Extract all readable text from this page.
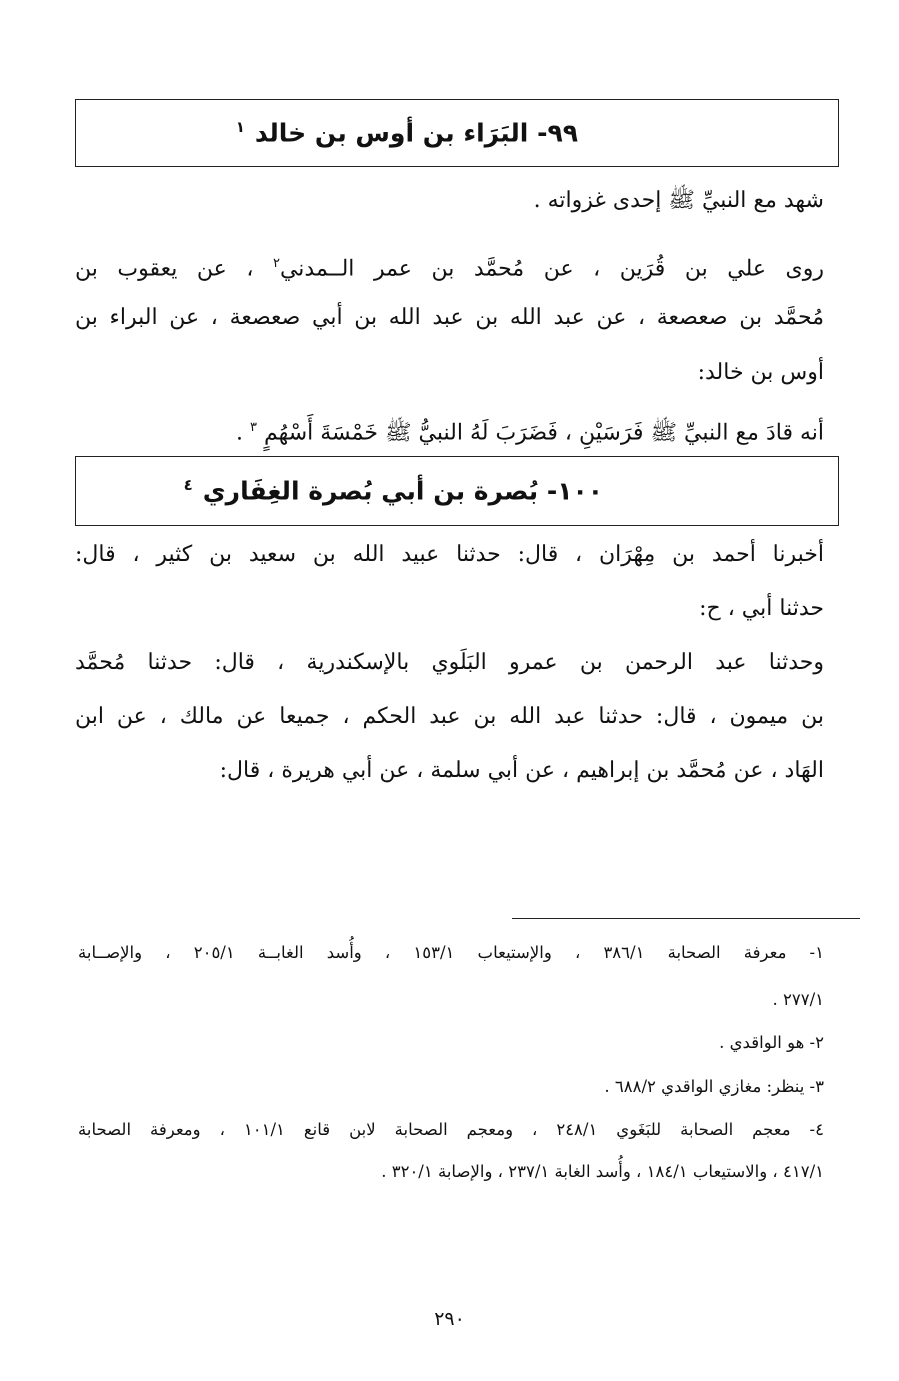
٩٩- البَرَاء بن أوس بن خالد$^١$
شهد مع النبيِّ ﷺ إحدى غزواته .
روى علي بن قُرَين ، عن مُحمَّد بن عمر الــمدني$^٢$ ، عن يعقوب بن
مُحمَّد بن صعصعة ، عن عبد الله بن عبد الله بن أبي صعصعة ، عن البراء بن
أوس بن خالد:
أنه قادَ مع النبيِّ ﷺ فَرَسَيْنِ ، فَضَرَبَ لَهُ النبيُّ ﷺ خَمْسَةَ أَسْهُمٍ $^٣$ .
١٠٠- بُصرة بن أبي بُصرة الغِفَاري$^٤$
أخبرنا أحمد بن مِهْرَان ، قال: حدثنا عبيد الله بن سعيد بن كثير ، قال:
حدثنا أبي ، ح:
وحدثنا عبد الرحمن بن عمرو البَلَوي بالإسكندرية ، قال: حدثنا مُحمَّد
بن ميمون ، قال: حدثنا عبد الله بن عبد الحكم ، جميعا عن مالك ، عن ابن
الهَاد ، عن مُحمَّد بن إبراهيم ، عن أبي سلمة ، عن أبي هريرة ، قال:
١- معرفة الصحابة ٣٨٦/١ ، والإستيعاب ١٥٣/١ ، وأُسد الغابــة ٢٠٥/١ ، والإصــابة
٢٧٧/١ .
٢- هو الواقدي .
٣- ينظر: مغازي الواقدي ٦٨٨/٢ .
٤- معجم الصحابة للبَغَوي ٢٤٨/١ ، ومعجم الصحابة لابن قانع ١٠١/١ ، ومعرفة الصحابة
٤١٧/١ ، والاستيعاب ١٨٤/١ ، وأُسد الغابة ٢٣٧/١ ، والإصابة ٣٢٠/١ .
٢٩٠
